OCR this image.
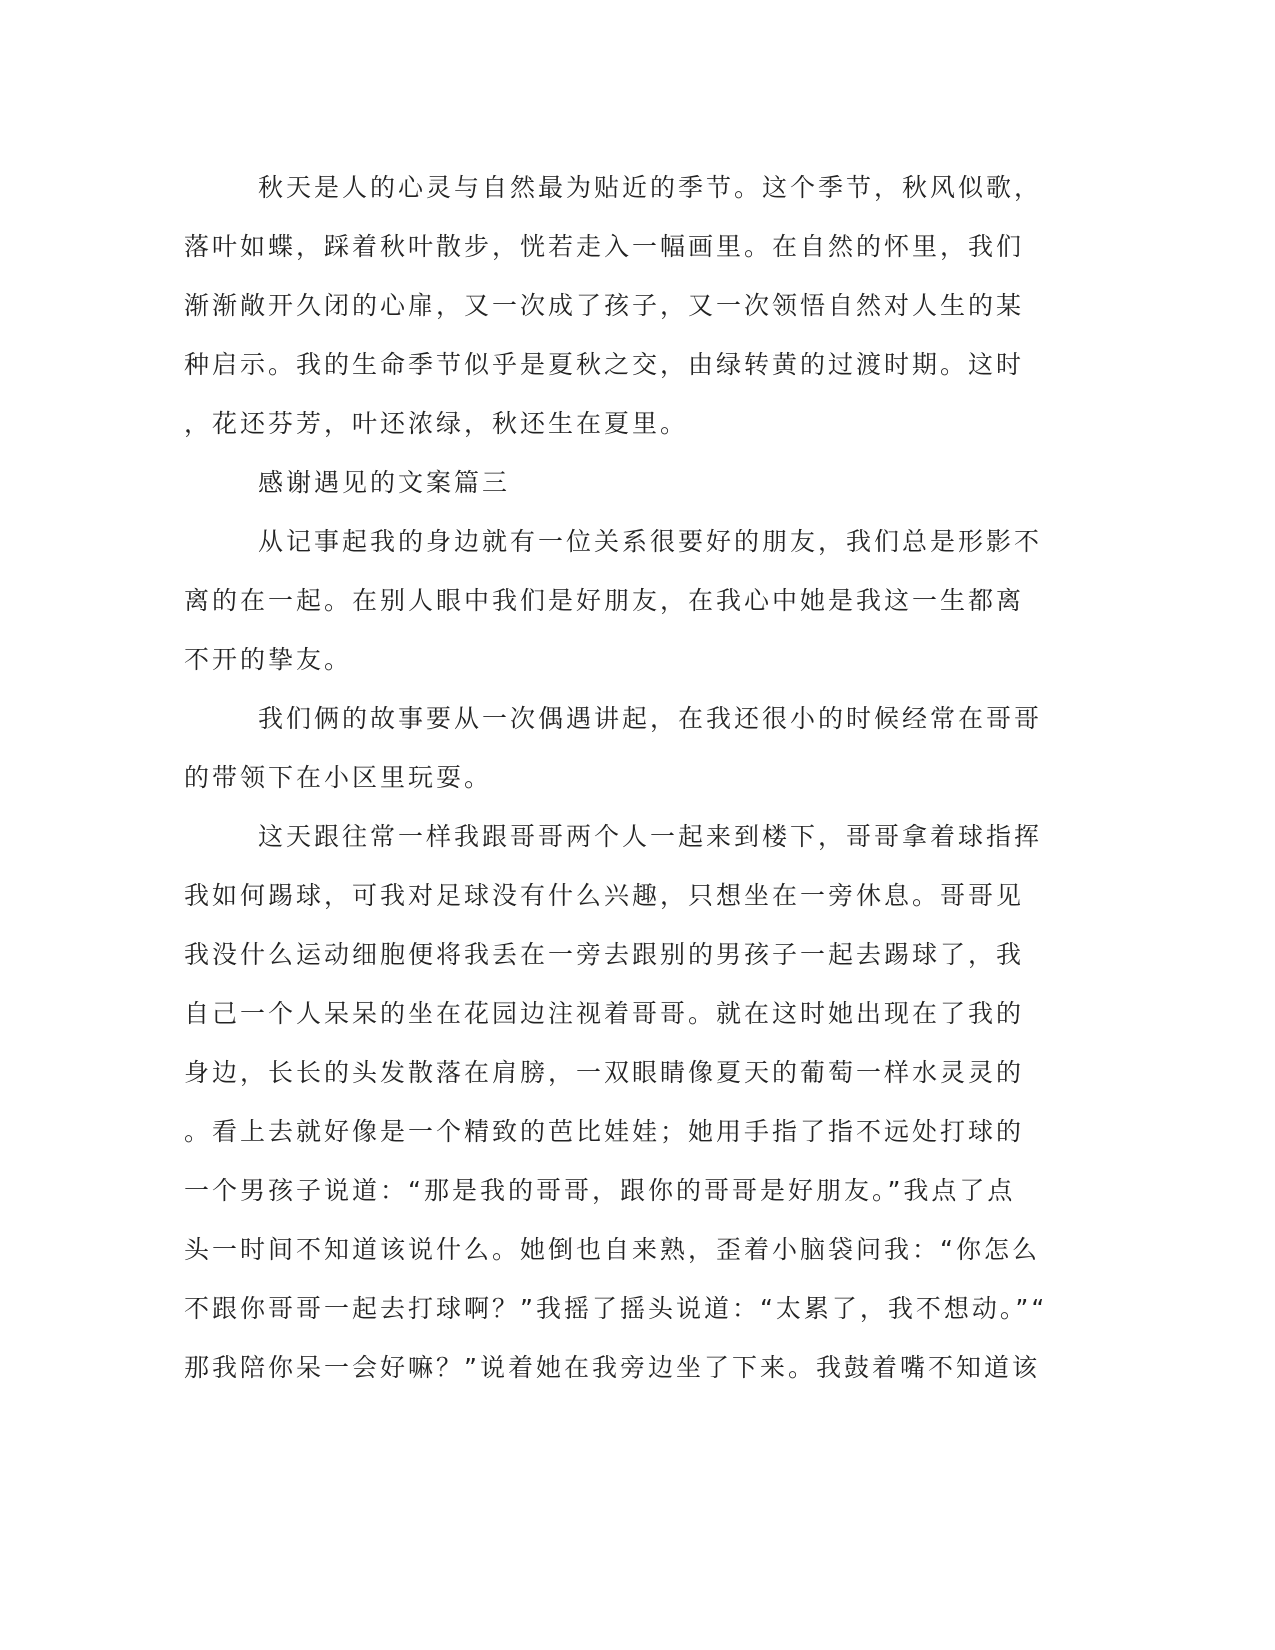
秋天是人的心灵与自然最为贴近的季节。这个季节，秋风似歌，
落叶如蝶，踩着秋叶散步，恍若走入一幅画里。在自然的怀里，我们
渐渐敞开久闭的心扉，又一次成了孩子，又一次领悟自然对人生的某
种启示。我的生命季节似乎是夏秋之交，由绿转黄的过渡时期。这时
，花还芬芳，叶还浓绿，秋还生在夏里。
感谢遇见的文案篇三
从记事起我的身边就有一位关系很要好的朋友，我们总是形影不
离的在一起。在别人眼中我们是好朋友，在我心中她是我这一生都离
不开的挚友。
我们俩的故事要从一次偶遇讲起，在我还很小的时候经常在哥哥
的带领下在小区里玩耍。
这天跟往常一样我跟哥哥两个人一起来到楼下，哥哥拿着球指挥
我如何踢球，可我对足球没有什么兴趣，只想坐在一旁休息。哥哥见
我没什么运动细胞便将我丢在一旁去跟别的男孩子一起去踢球了，我
自己一个人呆呆的坐在花园边注视着哥哥。就在这时她出现在了我的
身边，长长的头发散落在肩膀，一双眼睛像夏天的葡萄一样水灵灵的
。看上去就好像是一个精致的芭比娃娃；她用手指了指不远处打球的
一个男孩子说道：“那是我的哥哥，跟你的哥哥是好朋友。”我点了点
头一时间不知道该说什么。她倒也自来熟，歪着小脑袋问我：“你怎么
不跟你哥哥一起去打球啊？”我摇了摇头说道：“太累了，我不想动。”“
那我陪你呆一会好嘛？”说着她在我旁边坐了下来。我鼓着嘴不知道该
